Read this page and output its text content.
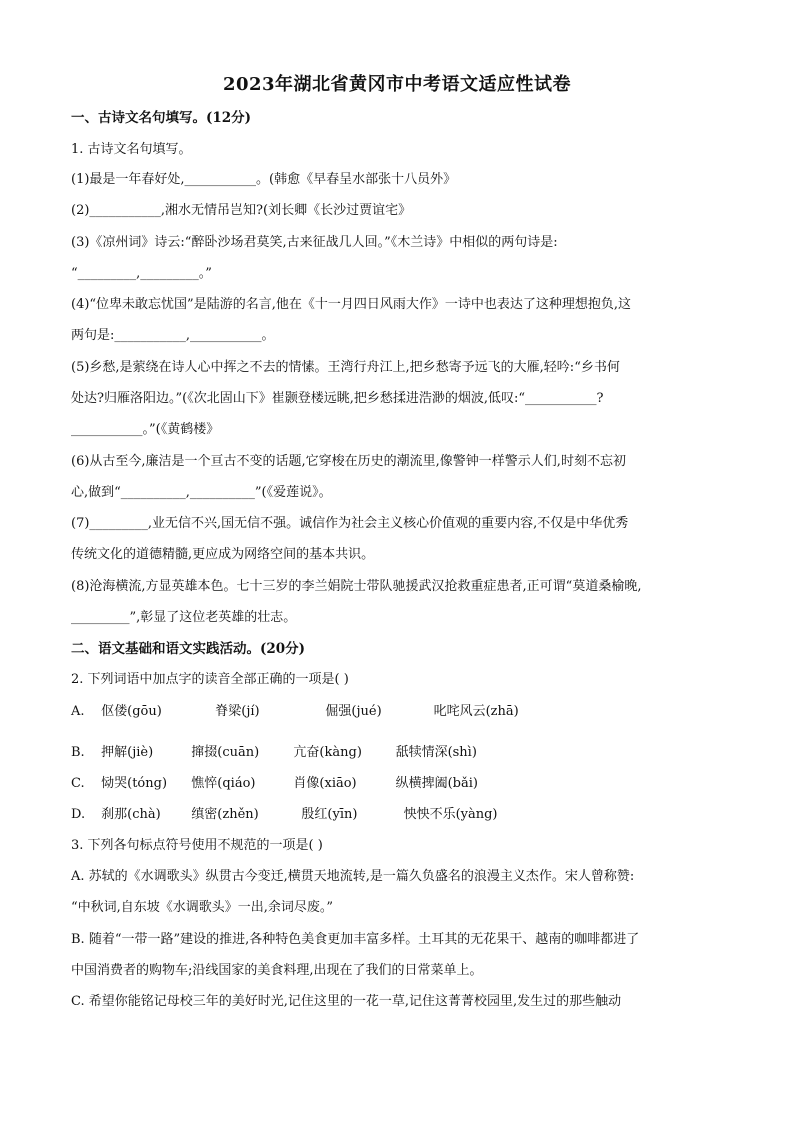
2023年湖北省黄冈市中考语文适应性试卷
一、古诗文名句填写。(12分)
1. 古诗文名句填写。
(1)最是一年春好处,___________。(韩愈《早春呈水部张十八员外》
(2)___________,湘水无情吊岂知?(刘长卿《长沙过贾谊宅》
(3)《凉州词》诗云:“醉卧沙场君莫笑,古来征战几人回。”《木兰诗》中相似的两句诗是:
“_________,_________。”
(4)“位卑未敢忘忧国”是陆游的名言,他在《十一月四日风雨大作》一诗中也表达了这种理想抱负,这
两句是:___________,___________。
(5)乡愁,是萦绕在诗人心中挥之不去的情愫。王湾行舟江上,把乡愁寄予远飞的大雁,轻吟:“乡书何
处达?归雁洛阳边。”(《次北固山下》崔颢登楼远眺,把乡愁揉进浩渺的烟波,低叹:“___________?
___________。”(《黄鹤楼》
(6)从古至今,廉洁是一个亘古不变的话题,它穿梭在历史的潮流里,像警钟一样警示人们,时刻不忘初
心,做到“__________,__________”(《爱莲说》。
(7)_________,业无信不兴,国无信不强。诚信作为社会主义核心价值观的重要内容,不仅是中华优秀
传统文化的道德精髓,更应成为网络空间的基本共识。
(8)沧海横流,方显英雄本色。七十三岁的李兰娟院士带队驰援武汉抢救重症患者,正可谓“莫道桑榆晚,
_________”,彰显了这位老英雄的壮志。
二、语文基础和语文实践活动。(20分)
2. 下列词语中加点字的读音全部正确的一项是( )
A. 伛偻(gōu)	脊梁(jí)	倔强(jué)	叱咤风云(zhā)
B. 押解(jiè)	撺掇(cuān)	亢奋(kàng)	舐犊情深(shì)
C. 恸哭(tóng) 憔悴(qiáo)	肖像(xiāo)	纵横捭阖(bǎi)
D. 刹那(chà) 缜密(zhěn)	殷红(yīn)	怏怏不乐(yàng)
3. 下列各句标点符号使用不规范的一项是( )
A. 苏轼的《水调歌头》纵贯古今变迁,横贯天地流转,是一篇久负盛名的浪漫主义杰作。宋人曾称赞:
“中秋词,自东坡《水调歌头》一出,余词尽废。”
B. 随着“一带一路”建设的推进,各种特色美食更加丰富多样。土耳其的无花果干、越南的咖啡都进了
中国消费者的购物车;沿线国家的美食料理,出现在了我们的日常菜单上。
C. 希望你能铭记母校三年的美好时光,记住这里的一花一草,记住这菁菁校园里,发生过的那些触动
